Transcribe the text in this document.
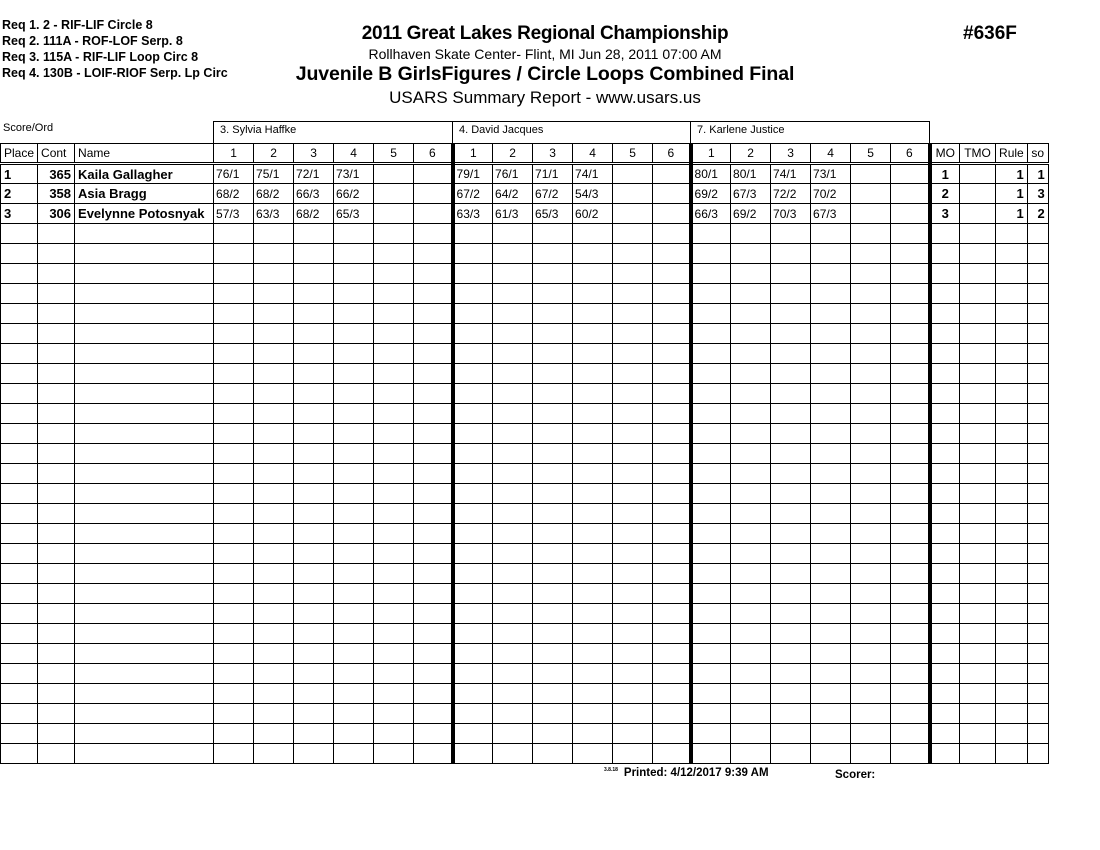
Req 1. 2 - RIF-LIF Circle 8
Req 2. 111A - ROF-LOF Serp. 8
Req 3. 115A - RIF-LIF Loop Circ 8
Req 4. 130B - LOIF-RIOF Serp. Lp Circ
2011 Great Lakes Regional Championship
Rollhaven Skate Center- Flint, MI Jun 28, 2011 07:00 AM
Juvenile B GirlsFigures / Circle Loops Combined Final
USARS Summary Report - www.usars.us
#636F
Score/Ord	3. Sylvia Haffke	4. David Jacques	7. Karlene Justice
Place	Cont	Name	1	2	3	4	5	6	1	2	3	4	5	6	1	2	3	4	5	6	MO	TMO	Rule	so
1	365	Kaila Gallagher	76/1	75/1	72/1	73/1			79/1	76/1	71/1	74/1			80/1	80/1	74/1	73/1			1		1	1
2	358	Asia Bragg	68/2	68/2	66/3	66/2			67/2	64/2	67/2	54/3			69/2	67/3	72/2	70/2			2		1	3
3	306	Evelynne Potosnyak	57/3	63/3	68/2	65/3			63/3	61/3	65/3	60/2			66/3	69/2	70/3	67/3			3		1	2

$^{3.8.18}$ Printed: 4/12/2017 9:39 AM	Scorer:
